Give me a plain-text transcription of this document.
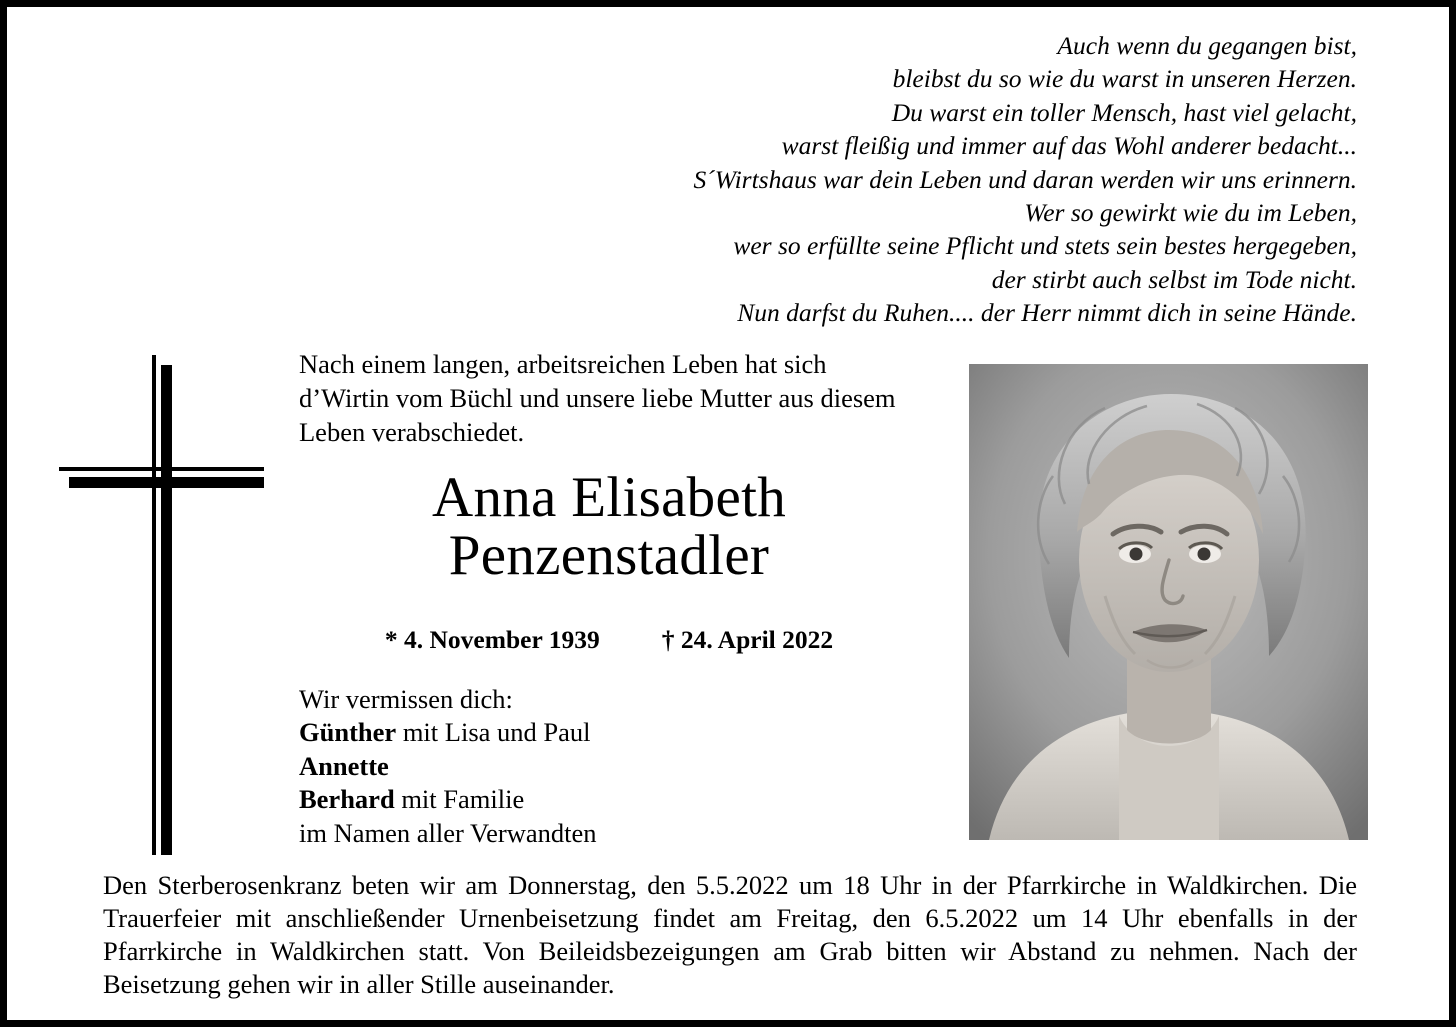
Auch wenn du gegangen bist,
bleibst du so wie du warst in unseren Herzen.
Du warst ein toller Mensch, hast viel gelacht,
warst fleißig und immer auf das Wohl anderer bedacht...
S´Wirtshaus war dein Leben und daran werden wir uns erinnern.
Wer so gewirkt wie du im Leben,
wer so erfüllte seine Pflicht und stets sein bestes hergegeben,
der stirbt auch selbst im Tode nicht.
Nun darfst du Ruhen.... der Herr nimmt dich in seine Hände.
Nach einem langen, arbeitsreichen Leben hat sich d’Wirtin vom Büchl und unsere liebe Mutter aus diesem Leben verabschiedet.
Anna Elisabeth
Penzenstadler
* 4. November 1939 † 24. April 2022
Wir vermissen dich:
Günther mit Lisa und Paul
Annette
Berhard mit Familie
im Namen aller Verwandten
Den Sterberosenkranz beten wir am Donnerstag, den 5.5.2022 um 18 Uhr in der Pfarrkirche in Waldkirchen. Die Trauerfeier mit anschließender Urnenbeisetzung findet am Freitag, den 6.5.2022 um 14 Uhr ebenfalls in der Pfarrkirche in Waldkirchen statt. Von Beileidsbezeigungen am Grab bitten wir Abstand zu nehmen. Nach der Beisetzung gehen wir in aller Stille auseinander.
